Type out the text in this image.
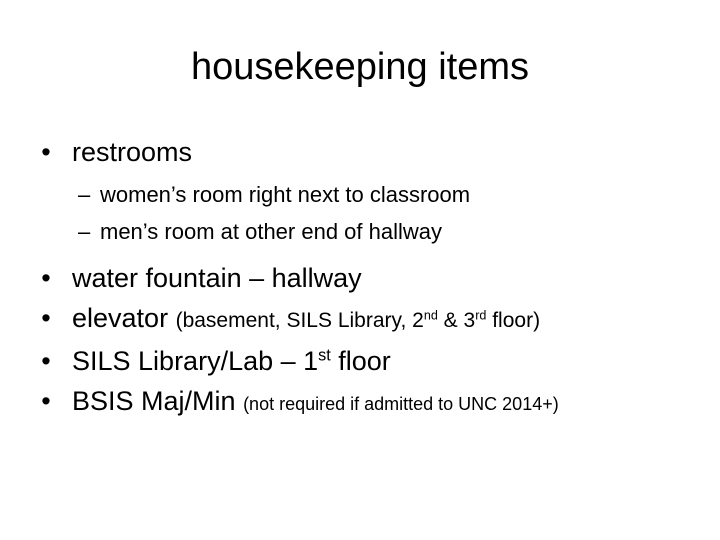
housekeeping items
• restrooms
– women’s room right next to classroom
– men’s room at other end of hallway
• water fountain – hallway
• elevator (basement, SILS Library, 2nd & 3rd floor)
• SILS Library/Lab – 1st floor
• BSIS Maj/Min (not required if admitted to UNC 2014+)
